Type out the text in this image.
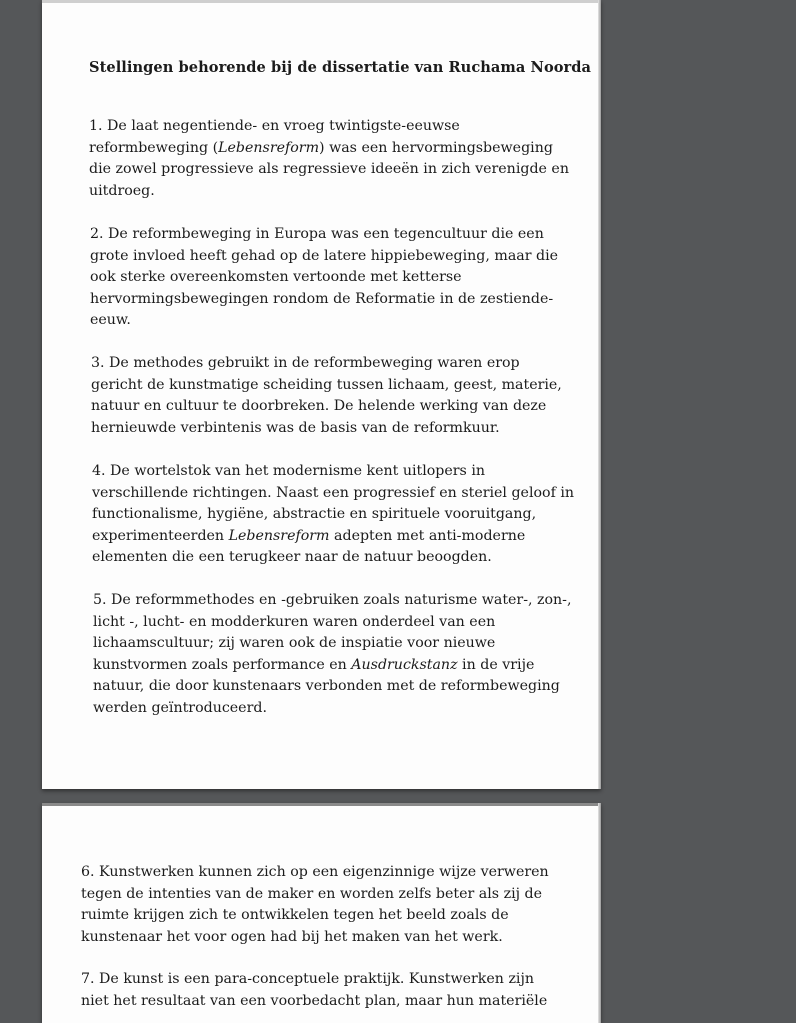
Stellingen behorende bij de dissertatie van Ruchama Noorda
1. De laat negentiende- en vroeg twintigste-eeuwse
reformbeweging (Lebensreform) was een hervormingsbeweging
die zowel progressieve als regressieve ideeën in zich verenigde en
uitdroeg.
2. De reformbeweging in Europa was een tegencultuur die een
grote invloed heeft gehad op de latere hippiebeweging, maar die
ook sterke overeenkomsten vertoonde met ketterse
hervormingsbewegingen rondom de Reformatie in de zestiende-
eeuw.
3. De methodes gebruikt in de reformbeweging waren erop
gericht de kunstmatige scheiding tussen lichaam, geest, materie,
natuur en cultuur te doorbreken. De helende werking van deze
hernieuwde verbintenis was de basis van de reformkuur.
4. De wortelstok van het modernisme kent uitlopers in
verschillende richtingen. Naast een progressief en steriel geloof in
functionalisme, hygiëne, abstractie en spirituele vooruitgang,
experimenteerden Lebensreform adepten met anti-moderne
elementen die een terugkeer naar de natuur beoogden.
5. De reformmethodes en -gebruiken zoals naturisme water-, zon-,
licht -, lucht- en modderkuren waren onderdeel van een
lichaamscultuur; zij waren ook de inspiatie voor nieuwe
kunstvormen zoals performance en Ausdruckstanz in de vrije
natuur, die door kunstenaars verbonden met de reformbeweging
werden geïntroduceerd.
6. Kunstwerken kunnen zich op een eigenzinnige wijze verweren
tegen de intenties van de maker en worden zelfs beter als zij de
ruimte krijgen zich te ontwikkelen tegen het beeld zoals de
kunstenaar het voor ogen had bij het maken van het werk.
7. De kunst is een para-conceptuele praktijk. Kunstwerken zijn
niet het resultaat van een voorbedacht plan, maar hun materiële
